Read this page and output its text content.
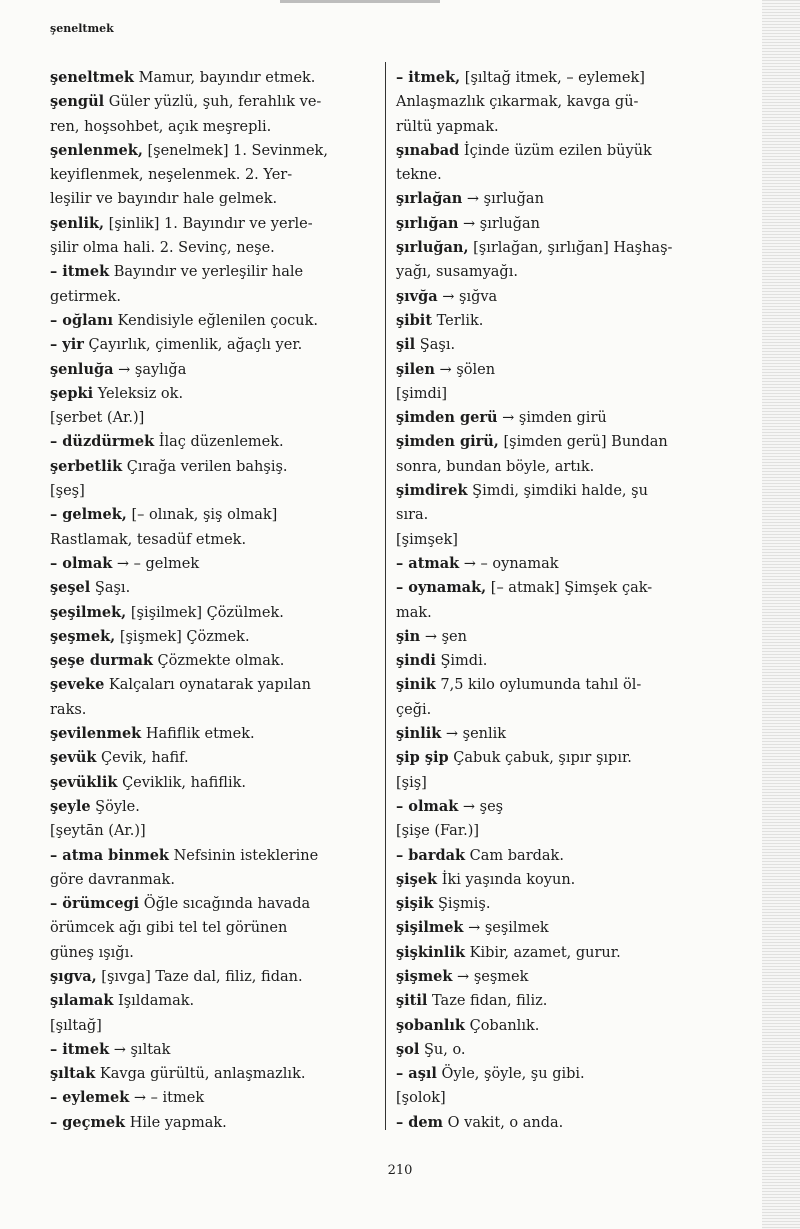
şeneltmek
şeneltmek Mamur, bayındır etmek.
şengül Güler yüzlü, şuh, ferahlık ve-
ren, hoşsohbet, açık meşrepli.
şenlenmek, [şenelmek] 1. Sevinmek,
keyiflenmek, neşelenmek. 2. Yer-
leşilir ve bayındır hale gelmek.
şenlik, [şinlik] 1. Bayındır ve yerle-
şilir olma hali. 2. Sevinç, neşe.
– itmek Bayındır ve yerleşilir hale
getirmek.
– oğlanı Kendisiyle eğlenilen çocuk.
– yir Çayırlık, çimenlik, ağaçlı yer.
şenluğa → şaylığa
şepki Yeleksiz ok.
[şerbet (Ar.)]
– düzdürmek İlaç düzenlemek.
şerbetlik Çırağa verilen bahşiş.
[şeş]
– gelmek, [– olınak, şiş olmak]
Rastlamak, tesadüf etmek.
– olmak → – gelmek
şeşel Şaşı.
şeşilmek, [şişilmek] Çözülmek.
şeşmek, [şişmek] Çözmek.
şeşe durmak Çözmekte olmak.
şeveke Kalçaları oynatarak yapılan
raks.
şevilenmek Hafiflik etmek.
şevük Çevik, hafif.
şevüklik Çeviklik, hafiflik.
şeyle Şöyle.
[şeytān (Ar.)]
– atma binmek Nefsinin isteklerine
göre davranmak.
– örümcegi Öğle sıcağında havada
örümcek ağı gibi tel tel görünen
güneş ışığı.
şıgva, [şıvga] Taze dal, filiz, fidan.
şılamak Işıldamak.
[şıltağ]
– itmek → şıltak
şıltak Kavga gürültü, anlaşmazlık.
– eylemek → – itmek
– geçmek Hile yapmak.
– itmek, [şıltağ itmek, – eylemek]
Anlaşmazlık çıkarmak, kavga gü-
rültü yapmak.
şınabad İçinde üzüm ezilen büyük
tekne.
şırlağan → şırluğan
şırlığan → şırluğan
şırluğan, [şırlağan, şırlığan] Haşhaş-
yağı, susamyağı.
şıvğa → şığva
şibit Terlik.
şil Şaşı.
şilen → şölen
[şimdi]
şimden gerü → şimden girü
şimden girü, [şimden gerü] Bundan
sonra, bundan böyle, artık.
şimdirek Şimdi, şimdiki halde, şu
sıra.
[şimşek]
– atmak → – oynamak
– oynamak, [– atmak] Şimşek çak-
mak.
şin → şen
şindi Şimdi.
şinik 7,5 kilo oylumunda tahıl öl-
çeği.
şinlik → şenlik
şip şip Çabuk çabuk, şıpır şıpır.
[şiş]
– olmak → şeş
[şişe (Far.)]
– bardak Cam bardak.
şişek İki yaşında koyun.
şişik Şişmiş.
şişilmek → şeşilmek
şişkinlik Kibir, azamet, gurur.
şişmek → şeşmek
şitil Taze fidan, filiz.
şobanlık Çobanlık.
şol Şu, o.
– aşıl Öyle, şöyle, şu gibi.
[şolok]
– dem O vakit, o anda.
210
